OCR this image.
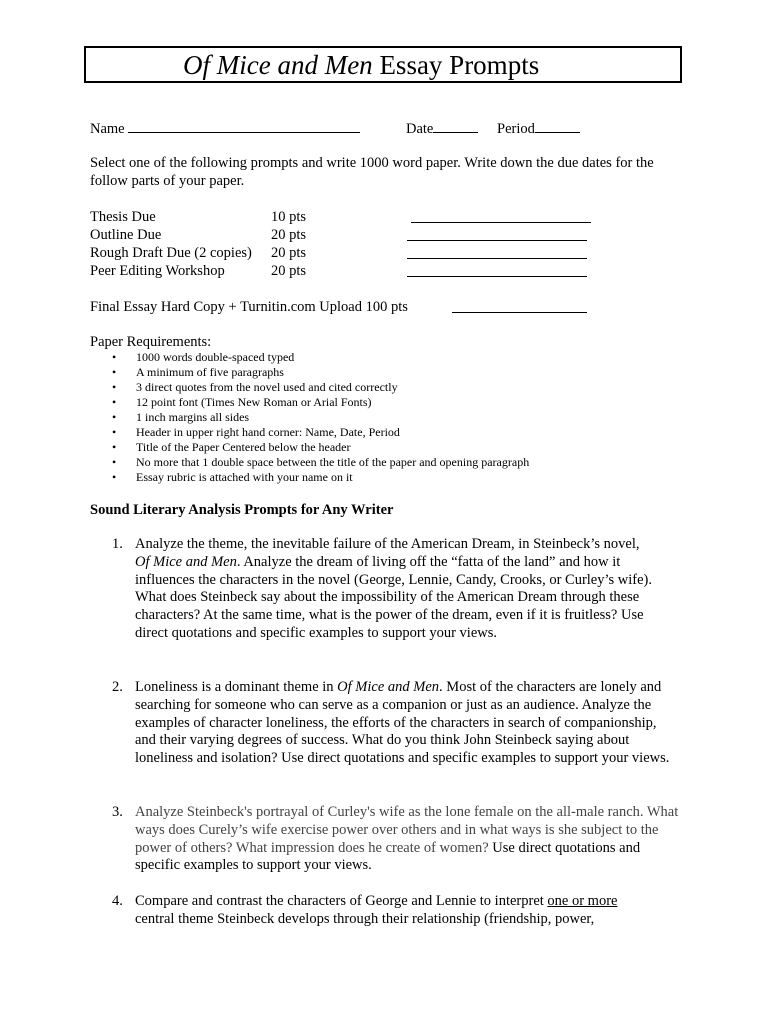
Of Mice and Men Essay Prompts
Name	Date	Period
Select one of the following prompts and write 1000 word paper. Write down the due dates for the follow parts of your paper.
Thesis Due	10 pts
Outline Due	20 pts
Rough Draft Due (2 copies) 20 pts
Peer Editing Workshop	20 pts
Final Essay Hard Copy + Turnitin.com Upload 100 pts
Paper Requirements:
• 1000 words double-spaced typed
• A minimum of five paragraphs
• 3 direct quotes from the novel used and cited correctly
• 12 point font (Times New Roman or Arial Fonts)
• 1 inch margins all sides
• Header in upper right hand corner: Name, Date, Period
• Title of the Paper Centered below the header
• No more that 1 double space between the title of the paper and opening paragraph
• Essay rubric is attached with your name on it
Sound Literary Analysis Prompts for Any Writer
1. Analyze the theme, the inevitable failure of the American Dream, in Steinbeck’s novel,
Of Mice and Men. Analyze the dream of living off the “fatta of the land” and how it influences the characters in the novel (George, Lennie, Candy, Crooks, or Curley’s wife). What does Steinbeck say about the impossibility of the American Dream through these characters? At the same time, what is the power of the dream, even if it is fruitless? Use direct quotations and specific examples to support your views.
2. Loneliness is a dominant theme in Of Mice and Men. Most of the characters are lonely and searching for someone who can serve as a companion or just as an audience. Analyze the examples of character loneliness, the efforts of the characters in search of companionship, and their varying degrees of success. What do you think John Steinbeck saying about loneliness and isolation? Use direct quotations and specific examples to support your views.
3. Analyze Steinbeck's portrayal of Curley's wife as the lone female on the all-male ranch. What ways does Curely’s wife exercise power over others and in what ways is she subject to the power of others? What impression does he create of women? Use direct quotations and specific examples to support your views.
4. Compare and contrast the characters of George and Lennie to interpret one or more
central theme Steinbeck develops through their relationship (friendship, power,
